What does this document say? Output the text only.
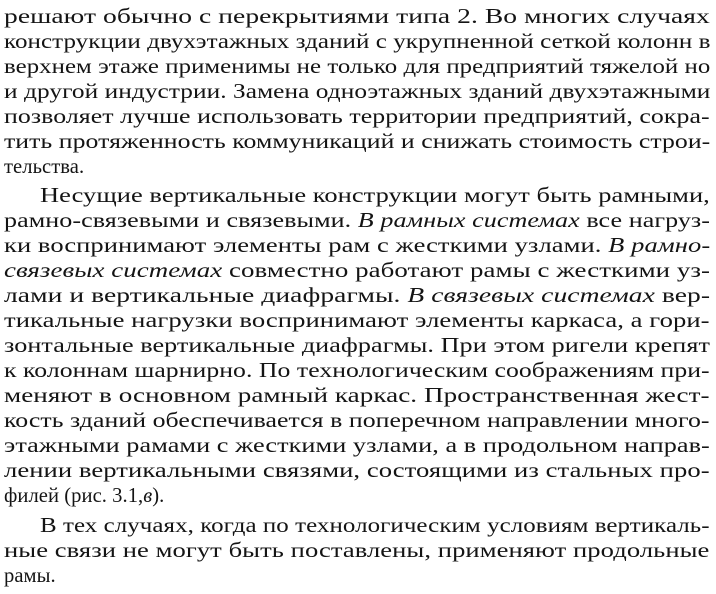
решают обычно с перекрытиями типа 2. Во многих случаях
конструкции двухэтажных зданий с укрупненной сеткой колонн в
верхнем этаже применимы не только для предприятий тяжелой но
и другой индустрии. Замена одноэтажных зданий двухэтажными
позволяет лучше использовать территории предприятий, сокра-
тить протяженность коммуникаций и снижать стоимость строи-
тельства.
Несущие вертикальные конструкции могут быть рамными,
рамно-связевыми и связевыми. В рамных системах все нагруз-
ки воспринимают элементы рам с жесткими узлами. В рамно-
связевых системах совместно работают рамы с жесткими уз-
лами и вертикальные диафрагмы. В связевых системах вер-
тикальные нагрузки воспринимают элементы каркаса, а гори-
зонтальные вертикальные диафрагмы. При этом ригели крепят
к колоннам шарнирно. По технологическим соображениям при-
меняют в основном рамный каркас. Пространственная жест-
кость зданий обеспечивается в поперечном направлении много-
этажными рамами с жесткими узлами, а в продольном направ-
лении вертикальными связями, состоящими из стальных про-
филей (рис. 3.1,в).
В тех случаях, когда по технологическим условиям вертикаль-
ные связи не могут быть поставлены, применяют продольные
рамы.
